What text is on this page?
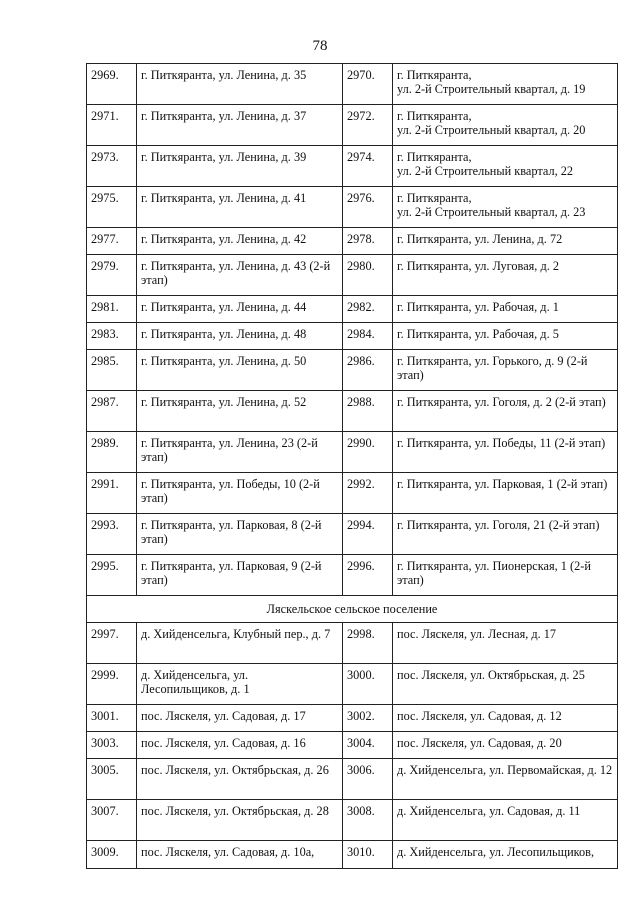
78
2969.	г. Питкяранта, ул. Ленина, д. 35	2970.	г. Питкяранта,
ул. 2-й Строительный квартал, д. 19
2971.	г. Питкяранта, ул. Ленина, д. 37	2972.	г. Питкяранта,
ул. 2-й Строительный квартал, д. 20
2973.	г. Питкяранта, ул. Ленина, д. 39	2974.	г. Питкяранта,
ул. 2-й Строительный квартал, 22
2975.	г. Питкяранта, ул. Ленина, д. 41	2976.	г. Питкяранта,
ул. 2-й Строительный квартал, д. 23
2977.	г. Питкяранта, ул. Ленина, д. 42	2978.	г. Питкяранта, ул. Ленина, д. 72
2979.	г. Питкяранта, ул. Ленина, д. 43 (2-й этап)	2980.	г. Питкяранта, ул. Луговая, д. 2
2981.	г. Питкяранта, ул. Ленина, д. 44	2982.	г. Питкяранта, ул. Рабочая, д. 1
2983.	г. Питкяранта, ул. Ленина, д. 48	2984.	г. Питкяранта, ул. Рабочая, д. 5
2985.	г. Питкяранта, ул. Ленина, д. 50	2986.	г. Питкяранта, ул. Горького, д. 9 (2-й этап)
2987.	г. Питкяранта, ул. Ленина, д. 52	2988.	г. Питкяранта, ул. Гоголя, д. 2 (2-й этап)
2989.	г. Питкяранта, ул. Ленина, 23 (2-й этап)	2990.	г. Питкяранта, ул. Победы, 11 (2-й этап)
2991.	г. Питкяранта, ул. Победы, 10 (2-й этап)	2992.	г. Питкяранта, ул. Парковая, 1 (2-й этап)
2993.	г. Питкяранта, ул. Парковая, 8 (2-й этап)	2994.	г. Питкяранта, ул. Гоголя, 21 (2-й этап)
2995.	г. Питкяранта, ул. Парковая, 9 (2-й этап)	2996.	г. Питкяранта, ул. Пионерская, 1 (2-й этап)
Ляскельское сельское поселение			
2997.	д. Хийденсельга, Клубный пер., д. 7	2998.	пос. Ляскеля, ул. Лесная, д. 17
2999.	д. Хийденсельга, ул. Лесопильщиков, д. 1	3000.	пос. Ляскеля, ул. Октябрьская, д. 25
3001.	пос. Ляскеля, ул. Садовая, д. 17	3002.	пос. Ляскеля, ул. Садовая, д. 12
3003.	пос. Ляскеля, ул. Садовая, д. 16	3004.	пос. Ляскеля, ул. Садовая, д. 20
3005.	пос. Ляскеля, ул. Октябрьская, д. 26	3006.	д. Хийденсельга, ул. Первомайская, д. 12
3007.	пос. Ляскеля, ул. Октябрьская, д. 28	3008.	д. Хийденсельга, ул. Садовая, д. 11
3009.	пос. Ляскеля, ул. Садовая, д. 10а,	3010.	д. Хийденсельга, ул. Лесопильщиков,
